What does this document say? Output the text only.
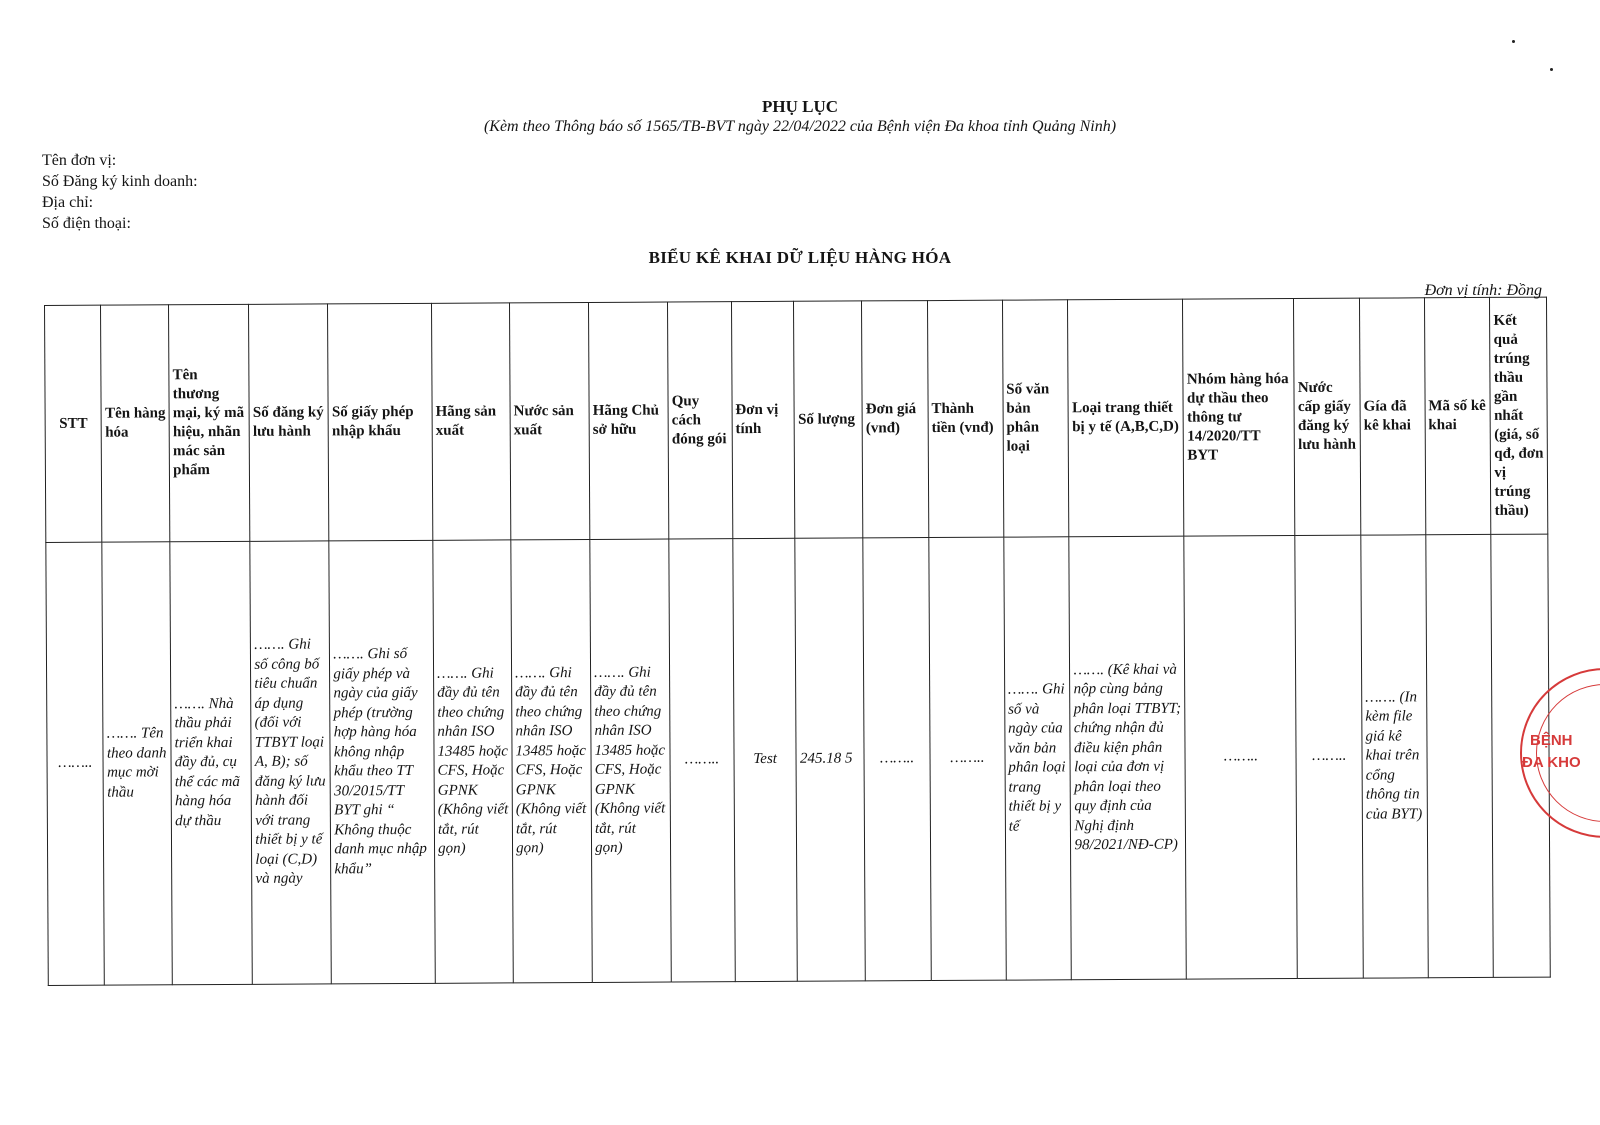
PHỤ LỤC
(Kèm theo Thông báo số 1565/TB-BVT ngày 22/04/2022 của Bệnh viện Đa khoa tỉnh Quảng Ninh)
Tên đơn vị:
Số Đăng ký kinh doanh:
Địa chỉ:
Số điện thoại:
BIỂU KÊ KHAI DỮ LIỆU HÀNG HÓA
Đơn vị tính: Đồng
STT	Tên hàng hóa	Tên thương mại, ký mã hiệu, nhãn mác sản phẩm	Số đăng ký lưu hành	Số giấy phép nhập khẩu	Hãng sản xuất	Nước sản xuất	Hãng Chủ sở hữu	Quy cách đóng gói	Đơn vị tính	Số lượng	Đơn giá (vnđ)	Thành tiền (vnđ)	Số văn bản phân loại	Loại trang thiết bị y tế (A,B,C,D)	Nhóm hàng hóa dự thầu theo thông tư 14/2020/TT BYT	Nước cấp giấy đăng ký lưu hành	Gía đã kê khai	Mã số kê khai	Kết quả trúng thầu gần nhất (giá, số qđ, đơn vị trúng thầu)
……..	……. Tên theo danh mục mời thầu	……. Nhà thầu phải triển khai đầy đủ, cụ thể các mã hàng hóa dự thầu	……. Ghi số công bố tiêu chuẩn áp dụng (đối với TTBYT loại A, B); số đăng ký lưu hành đối với trang thiết bị y tế loại (C,D) và ngày	……. Ghi số giấy phép và ngày của giấy phép (trường hợp hàng hóa không nhập khẩu theo TT 30/2015/TT BYT ghi “ Không thuộc danh mục nhập khẩu”	……. Ghi đầy đủ tên theo chứng nhân ISO 13485 hoặc CFS, Hoặc GPNK (Không viết tắt, rút gọn)	……. Ghi đầy đủ tên theo chứng nhân ISO 13485 hoặc CFS, Hoặc GPNK (Không viết tắt, rút gọn)	……. Ghi đầy đủ tên theo chứng nhân ISO 13485 hoặc CFS, Hoặc GPNK (Không viết tắt, rút gọn)	……..	Test	245.18 5	……..	……..	……. Ghi số và ngày của văn bản phân loại trang thiết bị y tế	……. (Kê khai và nộp cùng bảng phân loại TTBYT; chứng nhận đủ điều kiện phân loại của đơn vị phân loại theo quy định của Nghị định 98/2021/NĐ-CP)	……..	……..	……. (In kèm file giá kê khai trên cổng thông tin của BYT)		
BỆNH
ĐA KHO
